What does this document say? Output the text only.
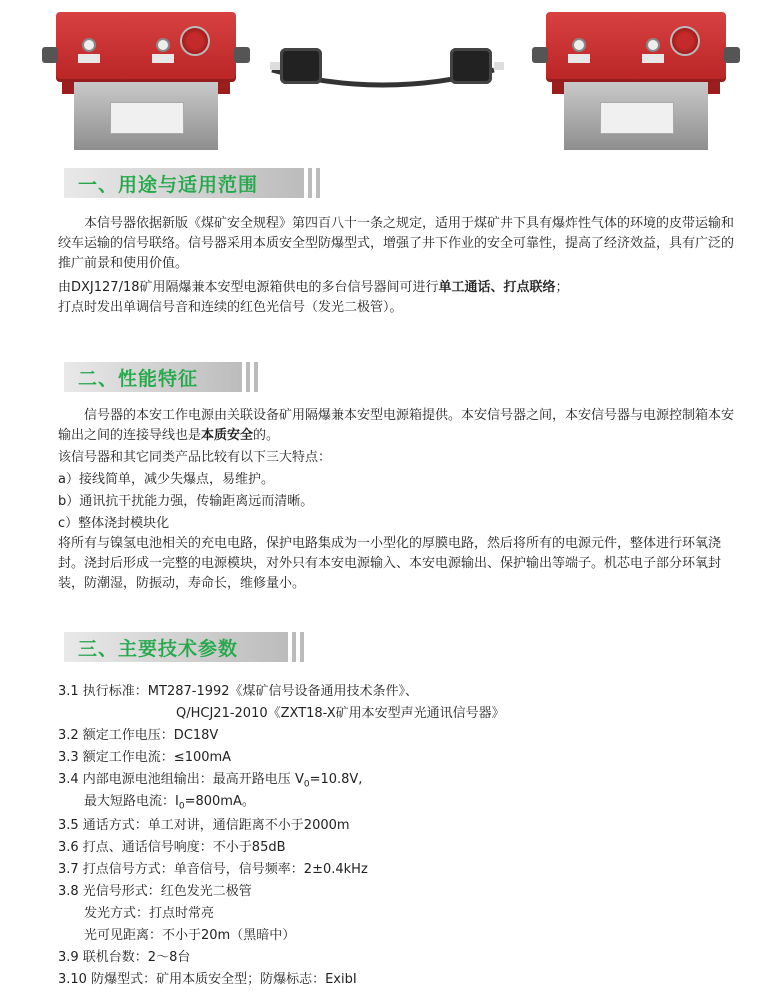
一、用途与适用范围

本信号器依据新版《煤矿安全规程》第四百八十一条之规定，适用于煤矿井下具有爆炸性气体的环境的皮带运输和绞车运输的信号联络。信号器采用本质安全型防爆型式，增强了井下作业的安全可靠性，提高了经济效益，具有广泛的推广前景和使用价值。

由DXJ127/18矿用隔爆兼本安型电源箱供电的多台信号器间可进行单工通话、打点联络；

打点时发出单调信号音和连续的红色光信号（发光二极管）。

二、性能特征

信号器的本安工作电源由关联设备矿用隔爆兼本安型电源箱提供。本安信号器之间，本安信号器与电源控制箱本安输出之间的连接导线也是本质安全的。

该信号器和其它同类产品比较有以下三大特点：

a）接线简单，减少失爆点，易维护。

b）通讯抗干扰能力强，传输距离远而清晰。

c）整体浇封模块化

将所有与镍氢电池相关的充电电路，保护电路集成为一小型化的厚膜电路，然后将所有的电源元件，整体进行环氧浇封。浇封后形成一完整的电源模块，对外只有本安电源输入、本安电源输出、保护输出等端子。机芯电子部分环氧封装，防潮湿，防振动，寿命长，维修量小。

三、主要技术参数
3.1 执行标准：MT287-1992《煤矿信号设备通用技术条件》、
Q/HCJ21-2010《ZXT18-X矿用本安型声光通讯信号器》
3.2 额定工作电压：DC18V
3.3 额定工作电流：≤100mA
3.4 内部电源电池组输出：最高开路电压 $V_0=10.8V$,
最大短路电流：$I_0=800mA$。
3.5 通话方式：单工对讲，通信距离不小于2000m
3.6 打点、通话信号响度：不小于85dB
3.7 打点信号方式：单音信号，信号频率：2±0.4kHz
3.8 光信号形式：红色发光二极管
发光方式：打点时常亮
光可见距离：不小于20m（黑暗中）
3.9 联机台数：2～8台
3.10 防爆型式：矿用本质安全型；防爆标志：ExibI
